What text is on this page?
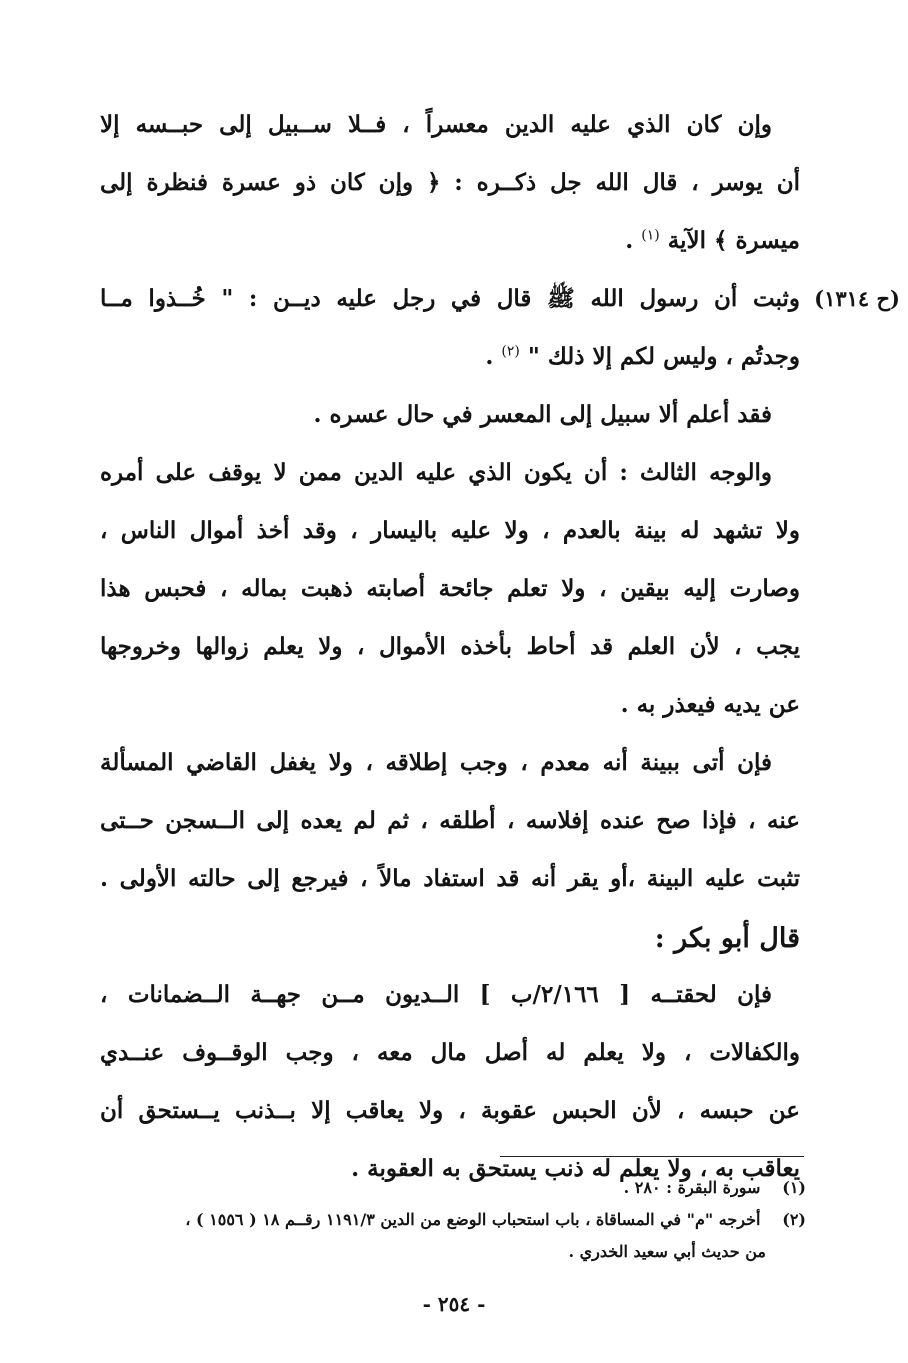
وإن كان الذي عليه الدين معسراً ، فــلا ســبيل إلى حبــسه إلا
أن يوسر ، قال الله جل ذكــره : ﴿ وإن كان ذو عسرة فنظرة إلى
ميسرة ﴾ الآية $^{(١)}$ .
وثبت أن رسول الله ﷺ قال في رجل عليه ديــن : " خُــذوا مــا
وجدتُم ، وليس لكم إلا ذلك " $^{(٢)}$ .
فقد أعلم ألا سبيل إلى المعسر في حال عسره .
والوجه الثالث : أن يكون الذي عليه الدين ممن لا يوقف على أمره
ولا تشهد له بينة بالعدم ، ولا عليه باليسار ، وقد أخذ أموال الناس ،
وصارت إليه بيقين ، ولا تعلم جائحة أصابته ذهبت بماله ، فحبس هذا
يجب ، لأن العلم قد أحاط بأخذه الأموال ، ولا يعلم زوالها وخروجها
عن يديه فيعذر به .
فإن أتى ببينة أنه معدم ، وجب إطلاقه ، ولا يغفل القاضي المسألة
عنه ، فإذا صح عنده إفلاسه ، أطلقه ، ثم لم يعده إلى الــسجن حــتى
تثبت عليه البينة ،أو يقر أنه قد استفاد مالاً ، فيرجع إلى حالته الأولى .
قال أبو بكر :
فإن لحقتــه [ ٢/١٦٦/ب ] الــديون مــن جهــة الــضمانات ،
والكفالات ، ولا يعلم له أصل مال معه ، وجب الوقــوف عنــدي
عن حبسه ، لأن الحبس عقوبة ، ولا يعاقب إلا بــذنب يــستحق أن
يعاقب به ، ولا يعلم له ذنب يستحق به العقوبة .
(ح ١٣١٤)
(١) سورة البقرة : ٢٨٠ .
(٢) أخرجه "م" في المساقاة ، باب استحباب الوضع من الدين ١١٩١/٣ رقــم ١٨ ( ١٥٥٦ ) ،
من حديث أبي سعيد الخدري .
- ٢٥٤ -
